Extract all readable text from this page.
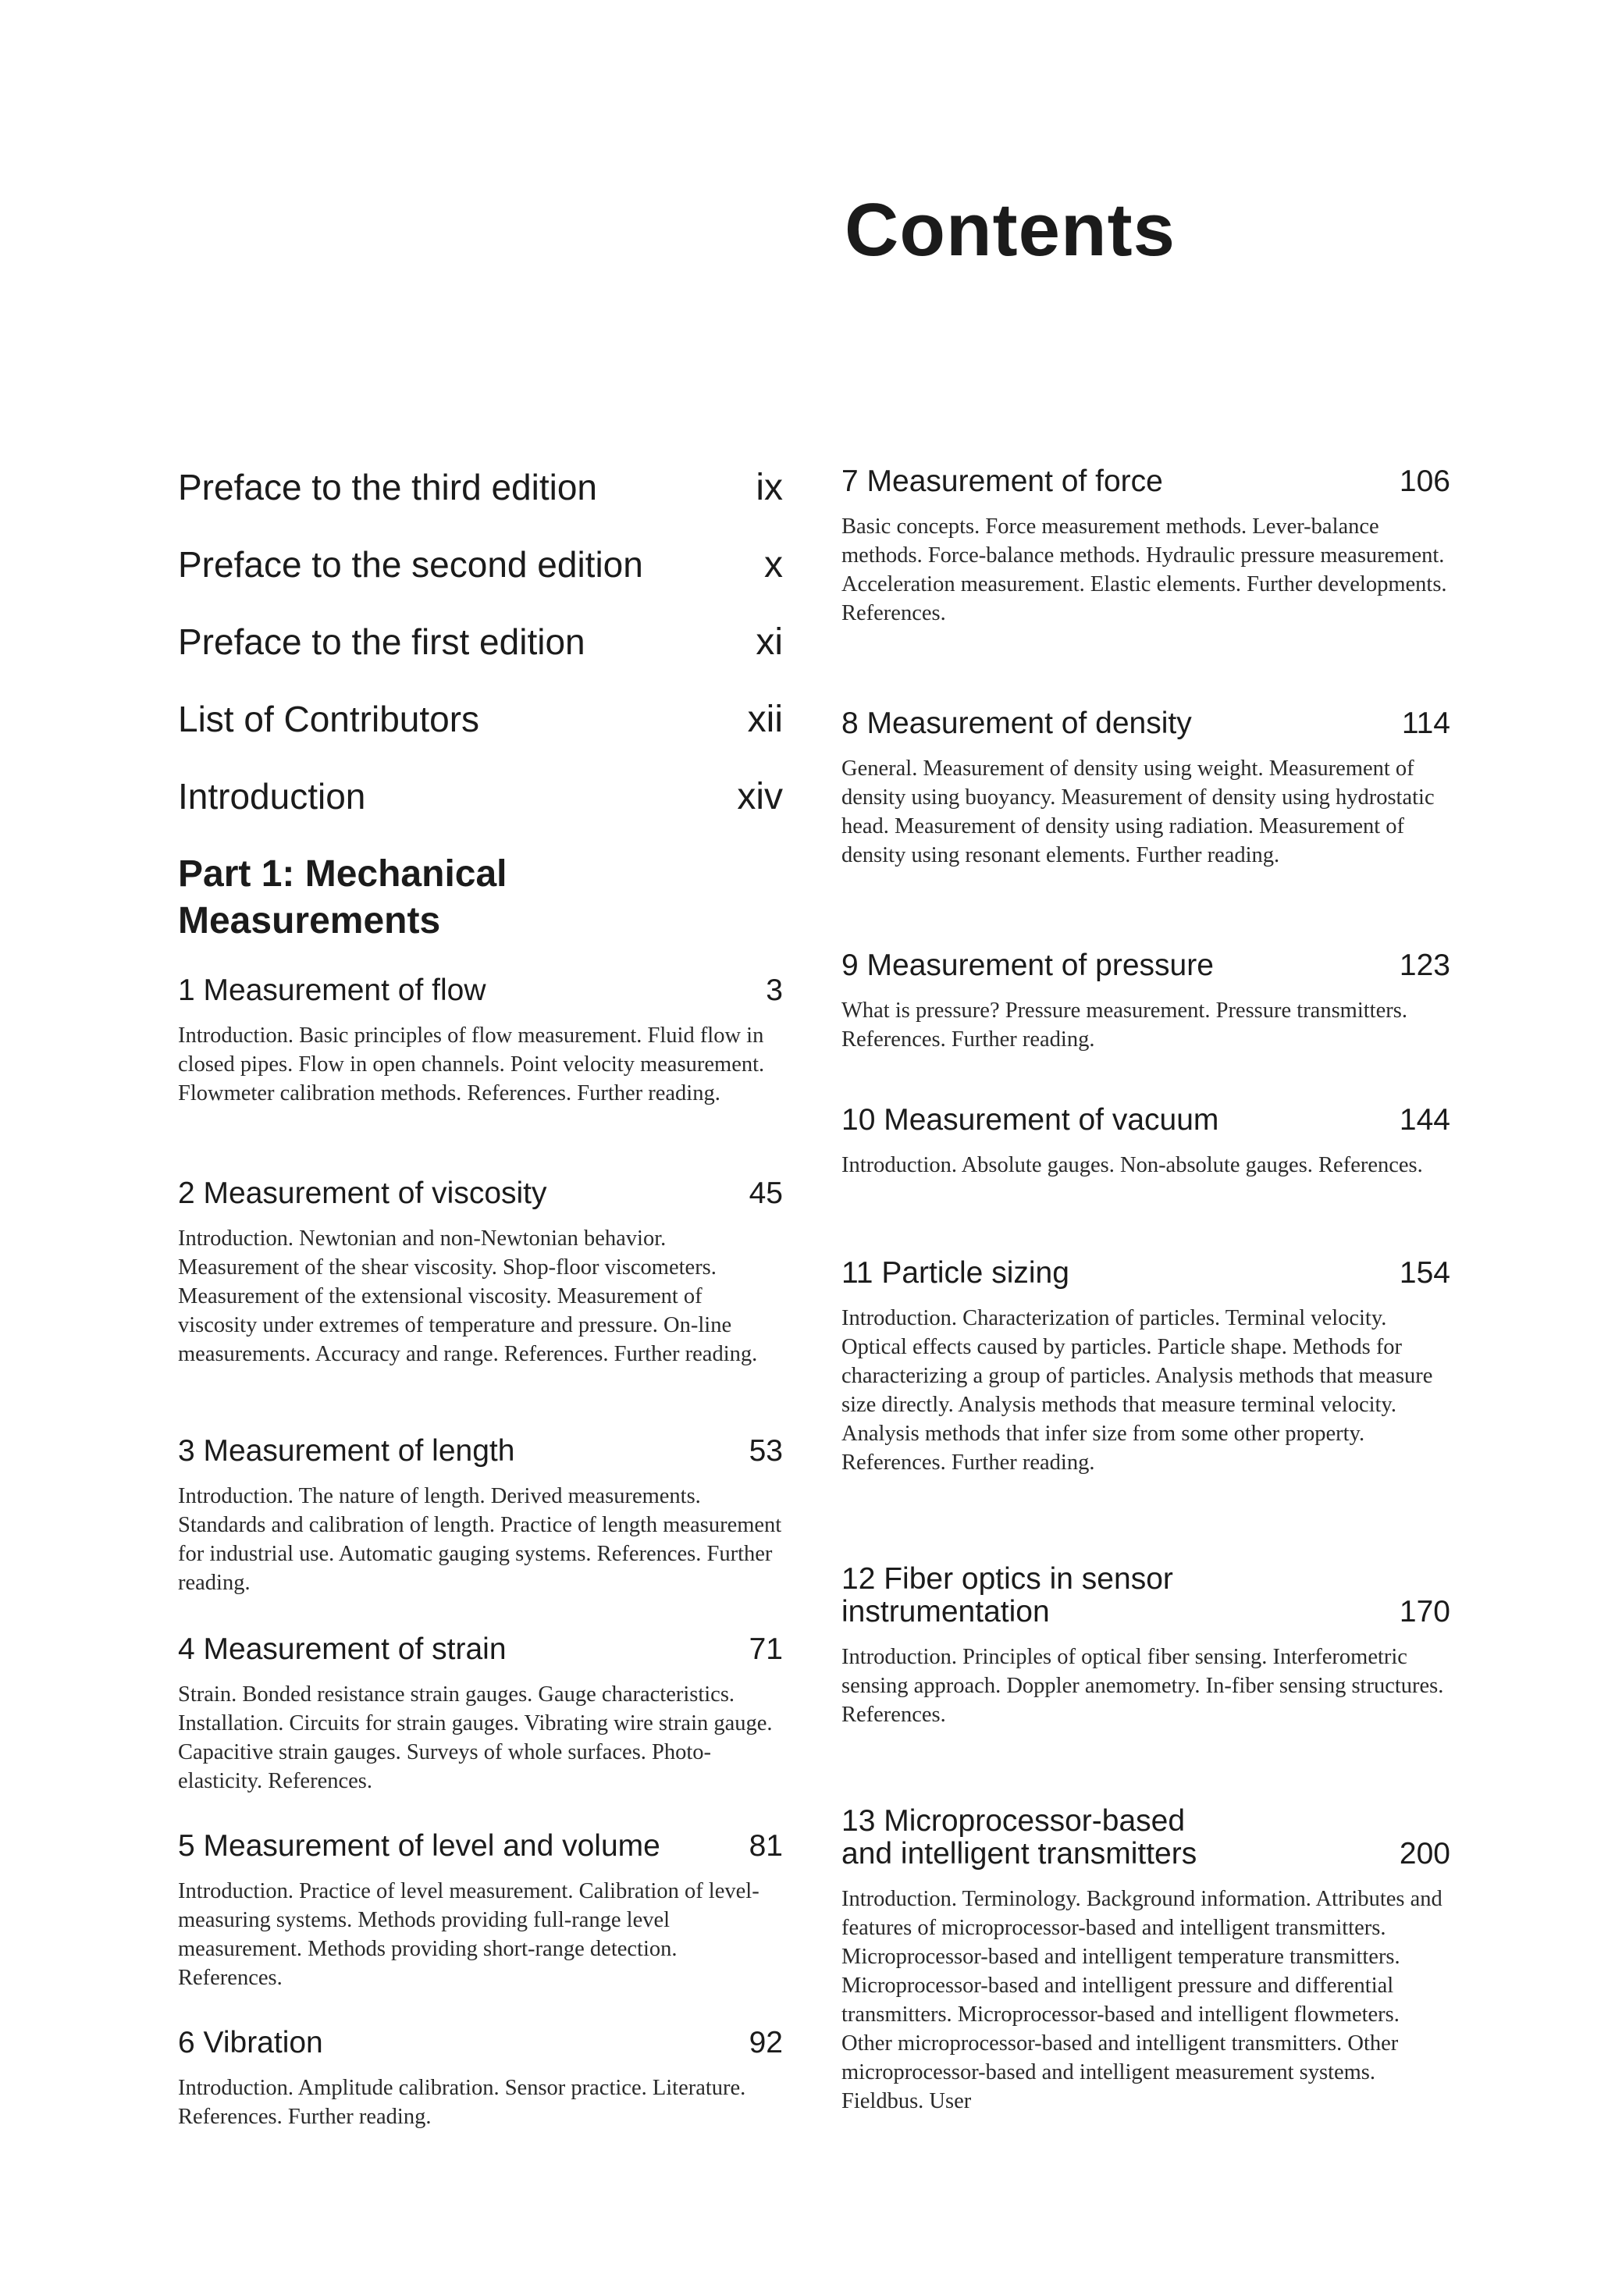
Contents
Preface to the third edition	ix
Preface to the second edition	x
Preface to the first edition	xi
List of Contributors	xii
Introduction	xiv
Part 1: Mechanical Measurements
1 Measurement of flow	3
Introduction. Basic principles of flow measurement. Fluid flow in closed pipes. Flow in open channels. Point velocity measurement. Flowmeter calibration methods. References. Further reading.
2 Measurement of viscosity	45
Introduction. Newtonian and non-Newtonian behavior. Measurement of the shear viscosity. Shop-floor viscometers. Measurement of the extensional viscosity. Measurement of viscosity under extremes of temperature and pressure. On-line measurements. Accuracy and range. References. Further reading.
3 Measurement of length	53
Introduction. The nature of length. Derived measurements. Standards and calibration of length. Practice of length measurement for industrial use. Automatic gauging systems. References. Further reading.
4 Measurement of strain	71
Strain. Bonded resistance strain gauges. Gauge characteristics. Installation. Circuits for strain gauges. Vibrating wire strain gauge. Capacitive strain gauges. Surveys of whole surfaces. Photo-elasticity. References.
5 Measurement of level and volume	81
Introduction. Practice of level measurement. Calibration of level-measuring systems. Methods providing full-range level measurement. Methods providing short-range detection. References.
6 Vibration	92
Introduction. Amplitude calibration. Sensor practice. Literature. References. Further reading.
7 Measurement of force	106
Basic concepts. Force measurement methods. Lever-balance methods. Force-balance methods. Hydraulic pressure measurement. Acceleration measurement. Elastic elements. Further developments. References.
8 Measurement of density	114
General. Measurement of density using weight. Measurement of density using buoyancy. Measurement of density using hydrostatic head. Measurement of density using radiation. Measurement of density using resonant elements. Further reading.
9 Measurement of pressure	123
What is pressure? Pressure measurement. Pressure transmitters. References. Further reading.
10 Measurement of vacuum	144
Introduction. Absolute gauges. Non-absolute gauges. References.
11 Particle sizing	154
Introduction. Characterization of particles. Terminal velocity. Optical effects caused by particles. Particle shape. Methods for characterizing a group of particles. Analysis methods that measure size directly. Analysis methods that measure terminal velocity. Analysis methods that infer size from some other property. References. Further reading.
12 Fiber optics in sensor
instrumentation	170
Introduction. Principles of optical fiber sensing. Interferometric sensing approach. Doppler anemometry. In-fiber sensing structures. References.
13 Microprocessor-based
and intelligent transmitters	200
Introduction. Terminology. Background information. Attributes and features of microprocessor-based and intelligent transmitters. Microprocessor-based and intelligent temperature transmitters. Microprocessor-based and intelligent pressure and differential transmitters. Microprocessor-based and intelligent flowmeters. Other microprocessor-based and intelligent transmitters. Other microprocessor-based and intelligent measurement systems. Fieldbus. User
